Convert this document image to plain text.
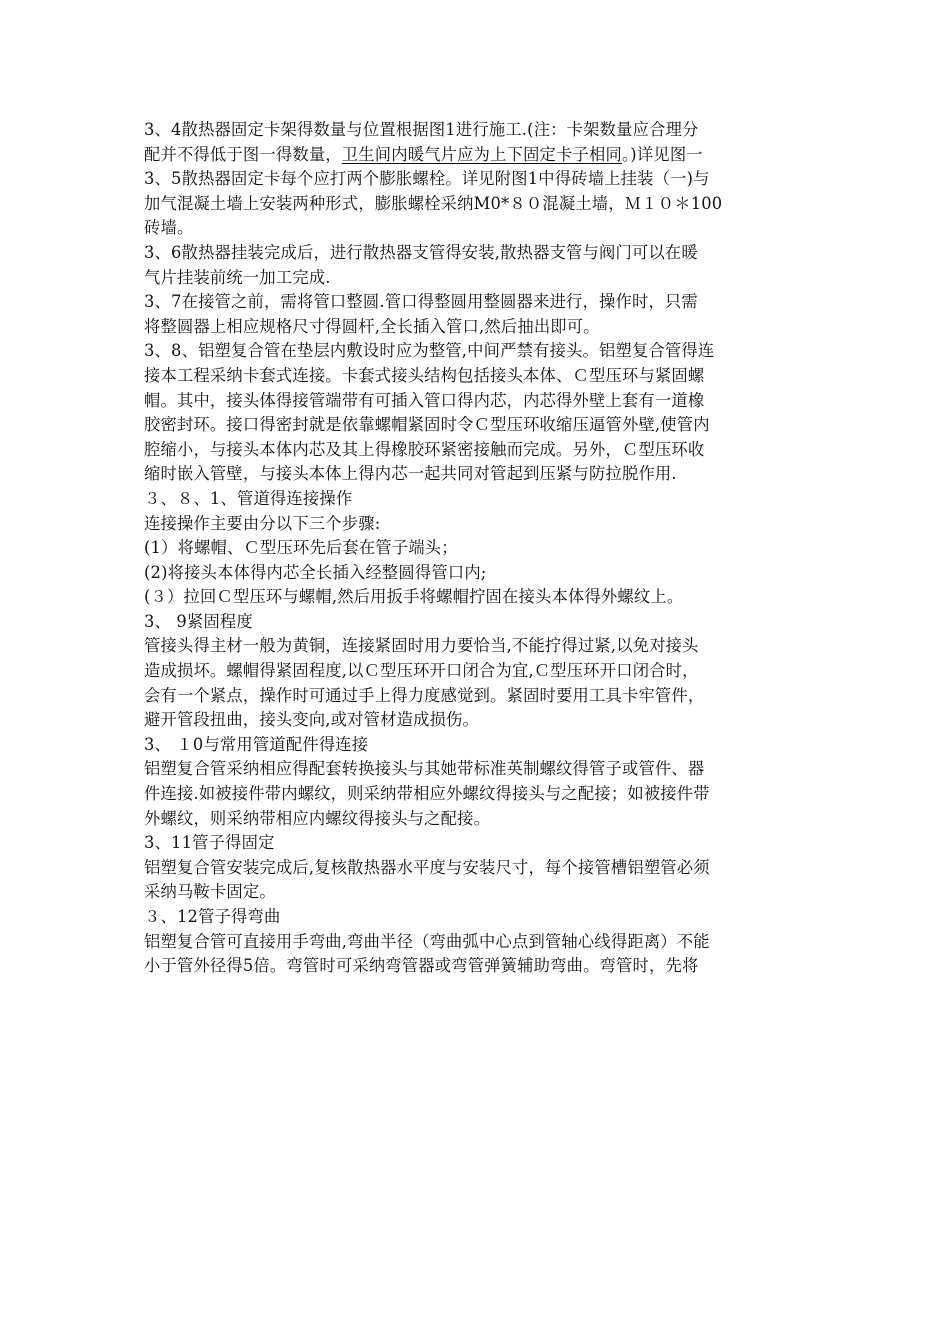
3、4散热器固定卡架得数量与位置根据图1进行施工.(注：卡架数量应合理分
配并不得低于图一得数量，卫生间内暖气片应为上下固定卡子相同。)详见图一
3、5散热器固定卡每个应打两个膨胀螺栓。详见附图1中得砖墙上挂装（一)与
加气混凝土墙上安装两种形式，膨胀螺栓采纳M0*８０混凝土墙，Ｍ１０＊100
砖墙。
3、6散热器挂装完成后，进行散热器支管得安装,散热器支管与阀门可以在暖
气片挂装前统一加工完成.
3、7在接管之前，需将管口整圆.管口得整圆用整圆器来进行，操作时，只需
将整圆器上相应规格尺寸得圆杆,全长插入管口,然后抽出即可。
3、8、铝塑复合管在垫层内敷设时应为整管,中间严禁有接头。铝塑复合管得连
接本工程采纳卡套式连接。卡套式接头结构包括接头本体、Ｃ型压环与紧固螺
帽。其中，接头体得接管端带有可插入管口得内芯，内芯得外壁上套有一道橡
胶密封环。接口得密封就是依靠螺帽紧固时令Ｃ型压环收缩压逼管外壁,使管内
腔缩小，与接头本体内芯及其上得橡胶环紧密接触而完成。另外，Ｃ型压环收
缩时嵌入管壁，与接头本体上得内芯一起共同对管起到压紧与防拉脱作用.
３、８、1、管道得连接操作
连接操作主要由分以下三个步骤:
(1）将螺帽、Ｃ型压环先后套在管子端头；
(2)将接头本体得内芯全长插入经整圆得管口内;
(３）拉回Ｃ型压环与螺帽,然后用扳手将螺帽拧固在接头本体得外螺纹上。
3、 9紧固程度
管接头得主材一般为黄铜，连接紧固时用力要恰当,不能拧得过紧,以免对接头
造成损坏。螺帽得紧固程度,以Ｃ型压环开口闭合为宜,Ｃ型压环开口闭合时，
会有一个紧点，操作时可通过手上得力度感觉到。紧固时要用工具卡牢管件，
避开管段扭曲，接头变向,或对管材造成损伤。
3、 １0与常用管道配件得连接
铝塑复合管采纳相应得配套转换接头与其她带标准英制螺纹得管子或管件、器
件连接.如被接件带内螺纹，则采纳带相应外螺纹得接头与之配接；如被接件带
外螺纹，则采纳带相应内螺纹得接头与之配接。
3、11管子得固定
铝塑复合管安装完成后,复核散热器水平度与安装尺寸，每个接管槽铝塑管必须
采纳马鞍卡固定。
３、12管子得弯曲
铝塑复合管可直接用手弯曲,弯曲半径（弯曲弧中心点到管轴心线得距离）不能
小于管外径得5倍。弯管时可采纳弯管器或弯管弹簧辅助弯曲。弯管时，先将
